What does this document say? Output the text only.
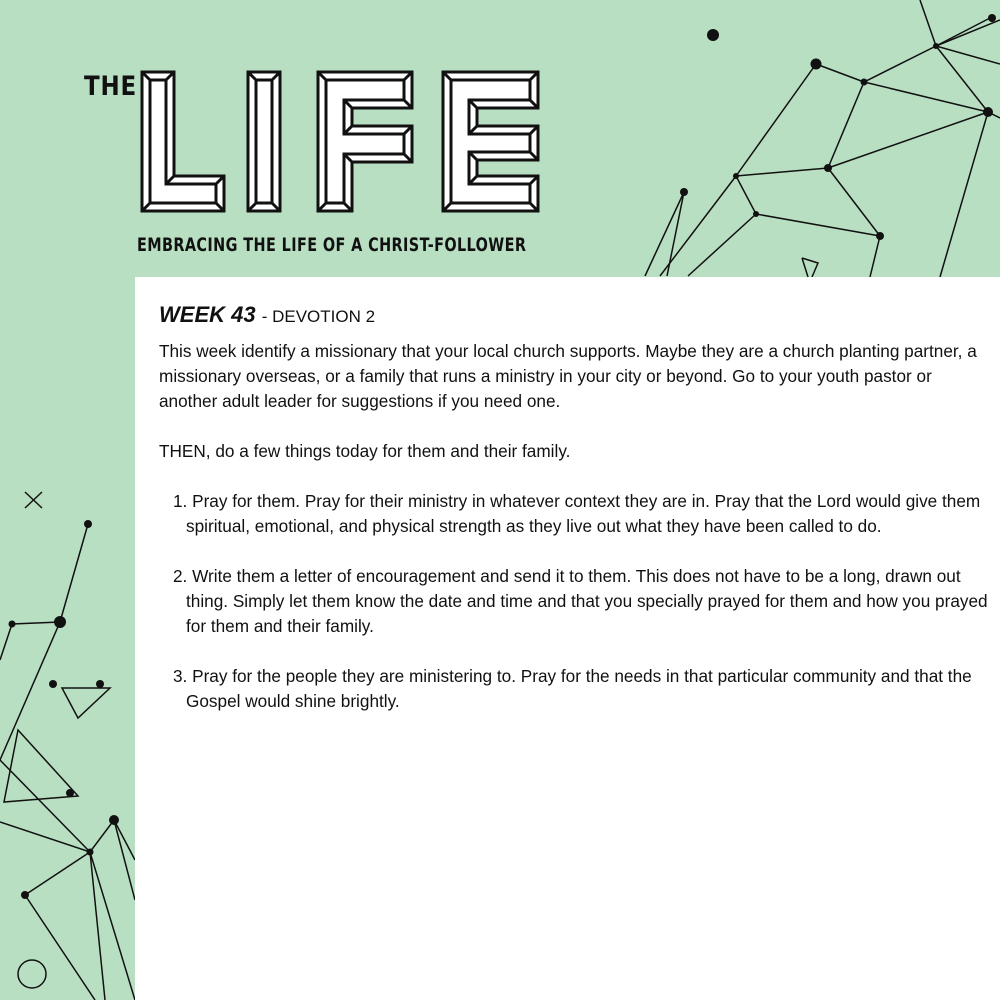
THE
EMBRACING THE LIFE OF A CHRIST-FOLLOWER
WEEK 43 - DEVOTION 2

This week identify a missionary that your local church supports. Maybe they are a church planting partner, a missionary overseas, or a family that runs a ministry in your city or beyond. Go to your youth pastor or another adult leader for suggestions if you need one.

THEN, do a few things today for them and their family.

1. Pray for them. Pray for their ministry in whatever context they are in. Pray that the Lord would give them spiritual, emotional, and physical strength as they live out what they have been called to do.
2. Write them a letter of encouragement and send it to them. This does not have to be a long, drawn out thing. Simply let them know the date and time and that you specially prayed for them and how you prayed for them and their family.
3. Pray for the people they are ministering to. Pray for the needs in that particular community and that the Gospel would shine brightly.
